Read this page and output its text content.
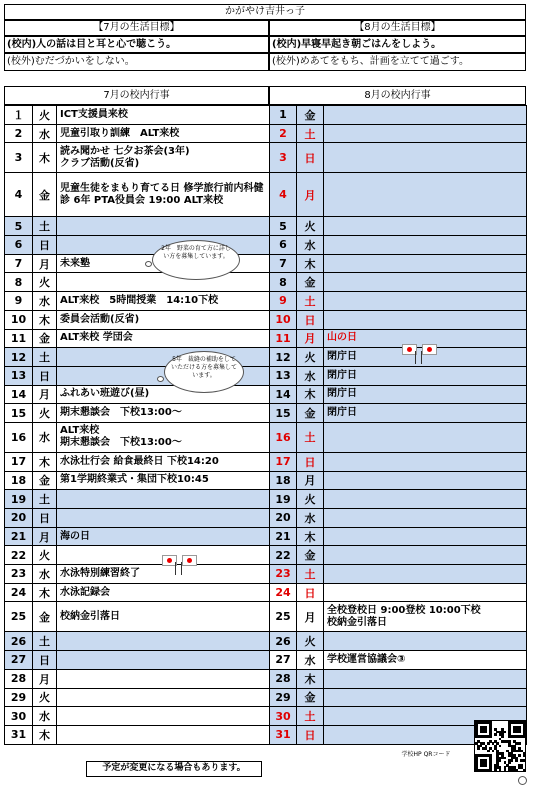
かがやけ吉井っ子
【7月の生活目標】	【8月の生活目標】
(校内)人の話は目と耳と心で聴こう。	(校内)早寝早起き朝ごはんをしよう。
(校外)むだづかいをしない。	(校外)めあてをもち、計画を立てて過ごす。
7月の校内行事	8月の校内行事
１	火	ICT支援員来校
2	水	児童引取り訓練　ALT来校
3	木	読み聞かせ 七夕お茶会(3年)
クラブ活動(反省)
4	金	児童生徒をまもり育てる日 修学旅行前内科健診 6年 PTA役員会 19:00 ALT来校
5	土	
6	日	
7	月	未来塾
8	火	
9	水	ALT来校　5時間授業　14:10下校
10	木	委員会活動(反省)
11	金	ALT来校 学団会
12	土	
13	日	
14	月	ふれあい班遊び(昼)
15	火	期末懇談会　下校13:00〜
16	水	ALT来校
期末懇談会　下校13:00〜
17	木	水泳壮行会 給食最終日 下校14:20
18	金	第1学期終業式・集団下校10:45
19	土	
20	日	
21	月	海の日
22	火	
23	水	水泳特別練習終了
24	木	水泳記録会
25	金	校納金引落日
26	土	
27	日	
28	月	
29	火	
30	水	
31	木	
1	金	
2	土	
3	日	
4	月	
5	火	
6	水	
7	木	
8	金	
9	土	
10	日	
11	月	山の日
12	火	閉庁日
13	水	閉庁日
14	木	閉庁日
15	金	閉庁日
16	土	
17	日	
18	月	
19	火	
20	水	
21	木	
22	金	
23	土	
24	日	
25	月	全校登校日 9:00登校 10:00下校
校納金引落日
26	火	
27	水	学校運営協議会③
28	木	
29	金	
30	土	
31	日	
2年　野菜の育て方に詳しい方を募集しています。
5年　裁縫の補助をしていただける方を募集しています。
予定が変更になる場合もあります。
学校HP QRコード
